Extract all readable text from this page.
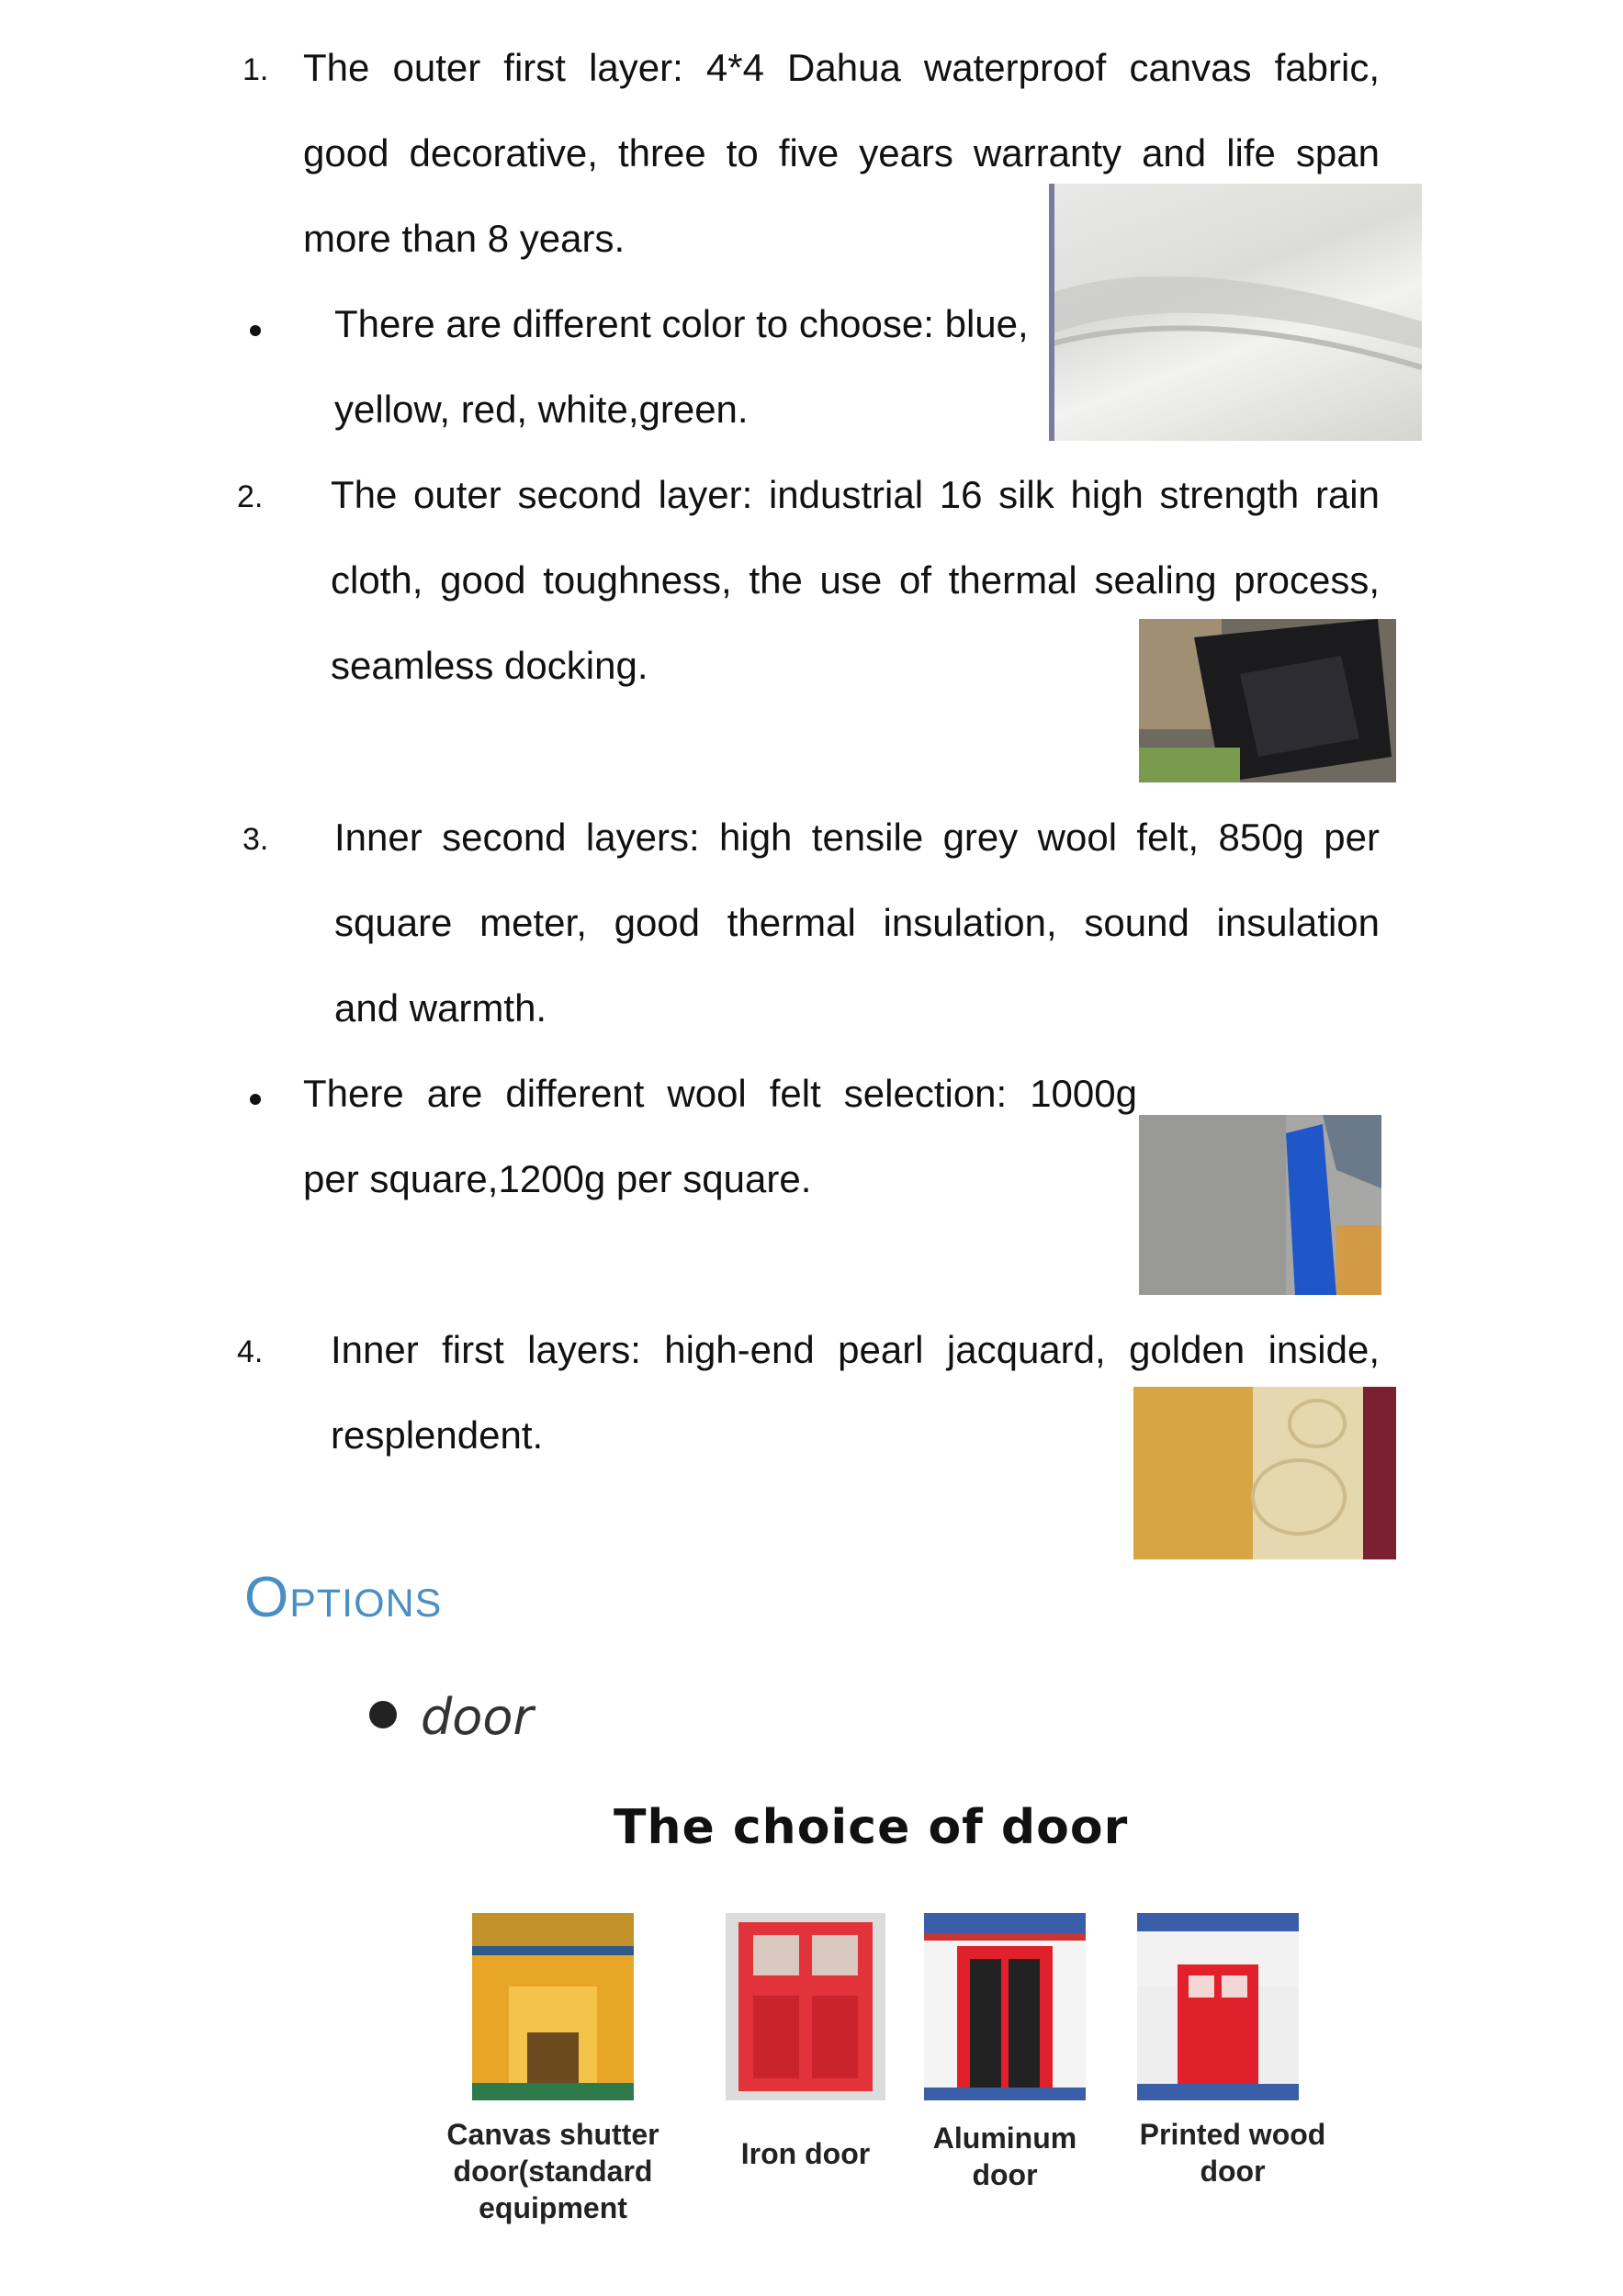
1. The outer first layer: 4*4 Dahua waterproof canvas fabric,
good decorative, three to five years warranty and life span
more than 8 years.
There are different color to choose: blue,
yellow, red, white,green.
2. The outer second layer: industrial 16 silk high strength rain
cloth, good toughness, the use of thermal sealing process,
seamless docking.
3. Inner second layers: high tensile grey wool felt, 850g per
square meter, good thermal insulation, sound insulation
and warmth.
There are different wool felt selection: 1000g
per square,1200g per square.
4. Inner first layers: high-end pearl jacquard, golden inside,
resplendent.
Options
door
The choice of door
Canvas shutter
door(standard
equipment
Iron door	Aluminum
door
Printed wood
door
